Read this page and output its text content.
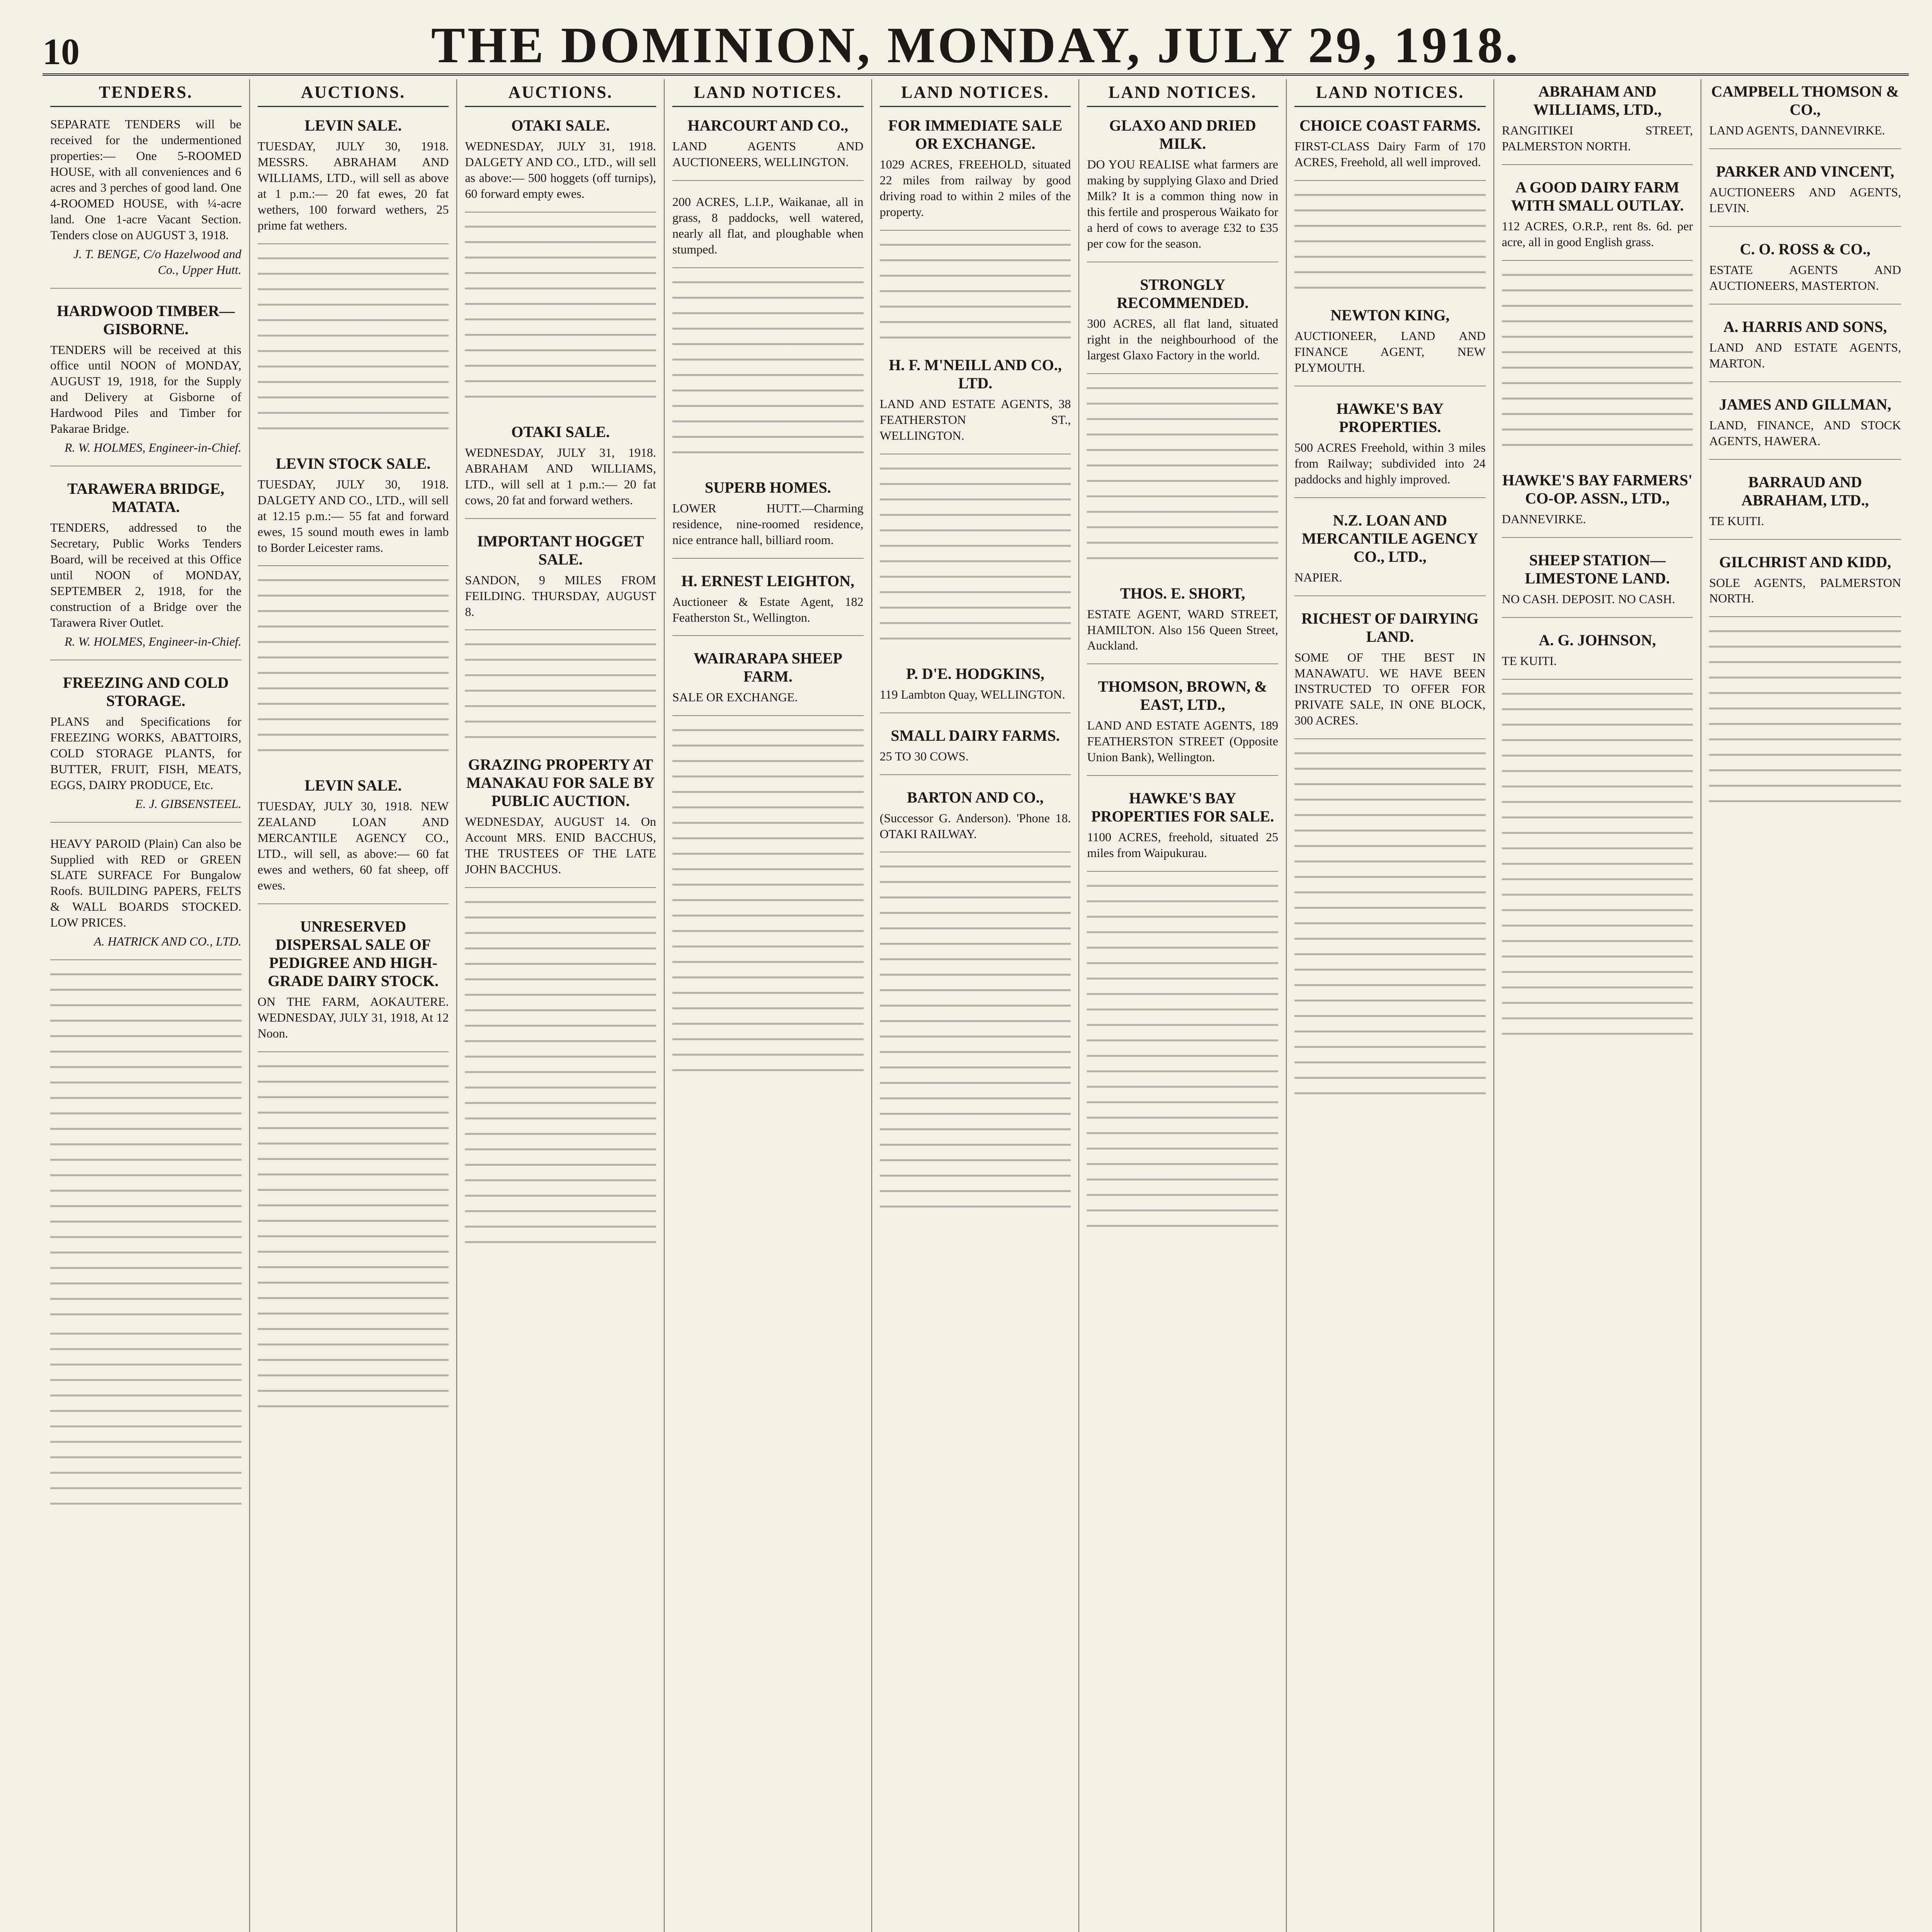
10	THE DOMINION, MONDAY, JULY 29, 1918.
TENDERS.

SEPARATE TENDERS will be received for the undermentioned properties:— One 5-ROOMED HOUSE, with all conveniences and 6 acres and 3 perches of good land. One 4-ROOMED HOUSE, with ¼-acre land. One 1-acre Vacant Section. Tenders close on AUGUST 3, 1918.

J. T. BENGE, C/o Hazelwood and Co., Upper Hutt.

HARDWOOD TIMBER—GISBORNE.

TENDERS will be received at this office until NOON of MONDAY, AUGUST 19, 1918, for the Supply and Delivery at Gisborne of Hardwood Piles and Timber for Pakarae Bridge.

R. W. HOLMES, Engineer-in-Chief.

TARAWERA BRIDGE, MATATA.

TENDERS, addressed to the Secretary, Public Works Tenders Board, will be received at this Office until NOON of MONDAY, SEPTEMBER 2, 1918, for the construction of a Bridge over the Tarawera River Outlet.

R. W. HOLMES, Engineer-in-Chief.

FREEZING AND COLD STORAGE.

PLANS and Specifications for FREEZING WORKS, ABATTOIRS, COLD STORAGE PLANTS, for BUTTER, FRUIT, FISH, MEATS, EGGS, DAIRY PRODUCE, Etc.

E. J. GIBSENSTEEL.

HEAVY PAROID (Plain) Can also be Supplied with RED or GREEN SLATE SURFACE For Bungalow Roofs. BUILDING PAPERS, FELTS & WALL BOARDS STOCKED. LOW PRICES.

A. HATRICK AND CO., LTD.

AUCTIONS.
LEVIN SALE.

TUESDAY, JULY 30, 1918. MESSRS. ABRAHAM AND WILLIAMS, LTD., will sell as above at 1 p.m.:— 20 fat ewes, 20 fat wethers, 100 forward wethers, 25 prime fat wethers.

LEVIN STOCK SALE.

TUESDAY, JULY 30, 1918. DALGETY AND CO., LTD., will sell at 12.15 p.m.:— 55 fat and forward ewes, 15 sound mouth ewes in lamb to Border Leicester rams.

LEVIN SALE.

TUESDAY, JULY 30, 1918. NEW ZEALAND LOAN AND MERCANTILE AGENCY CO., LTD., will sell, as above:— 60 fat ewes and wethers, 60 fat sheep, off ewes.

UNRESERVED DISPERSAL SALE OF PEDIGREE AND HIGH-GRADE DAIRY STOCK.

ON THE FARM, AOKAUTERE. WEDNESDAY, JULY 31, 1918, At 12 Noon.

AUCTIONS.
OTAKI SALE.

WEDNESDAY, JULY 31, 1918. DALGETY AND CO., LTD., will sell as above:— 500 hoggets (off turnips), 60 forward empty ewes.

OTAKI SALE.

WEDNESDAY, JULY 31, 1918. ABRAHAM AND WILLIAMS, LTD., will sell at 1 p.m.:— 20 fat cows, 20 fat and forward wethers.

IMPORTANT HOGGET SALE.

SANDON, 9 MILES FROM FEILDING. THURSDAY, AUGUST 8.

GRAZING PROPERTY AT MANAKAU FOR SALE BY PUBLIC AUCTION.

WEDNESDAY, AUGUST 14. On Account MRS. ENID BACCHUS, THE TRUSTEES OF THE LATE JOHN BACCHUS.

LAND NOTICES.
HARCOURT AND CO.,

LAND AGENTS AND AUCTIONEERS, WELLINGTON.

200 ACRES, L.I.P., Waikanae, all in grass, 8 paddocks, well watered, nearly all flat, and ploughable when stumped.

SUPERB HOMES.

LOWER HUTT.—Charming residence, nine-roomed residence, nice entrance hall, billiard room.

H. ERNEST LEIGHTON,

Auctioneer & Estate Agent, 182 Featherston St., Wellington.

WAIRARAPA SHEEP FARM.

SALE OR EXCHANGE.

LAND NOTICES.
FOR IMMEDIATE SALE OR EXCHANGE.

1029 ACRES, FREEHOLD, situated 22 miles from railway by good driving road to within 2 miles of the property.

H. F. M'NEILL AND CO., LTD.

LAND AND ESTATE AGENTS, 38 FEATHERSTON ST., WELLINGTON.

P. D'E. HODGKINS,

119 Lambton Quay, WELLINGTON.

SMALL DAIRY FARMS.

25 TO 30 COWS.

BARTON AND CO.,

(Successor G. Anderson). 'Phone 18. OTAKI RAILWAY.

LAND NOTICES.
GLAXO AND DRIED MILK.

DO YOU REALISE what farmers are making by supplying Glaxo and Dried Milk? It is a common thing now in this fertile and prosperous Waikato for a herd of cows to average £32 to £35 per cow for the season.

STRONGLY RECOMMENDED.

300 ACRES, all flat land, situated right in the neighbourhood of the largest Glaxo Factory in the world.

THOS. E. SHORT,

ESTATE AGENT, WARD STREET, HAMILTON. Also 156 Queen Street, Auckland.

THOMSON, BROWN, & EAST, LTD.,

LAND AND ESTATE AGENTS, 189 FEATHERSTON STREET (Opposite Union Bank), Wellington.

HAWKE'S BAY PROPERTIES FOR SALE.

1100 ACRES, freehold, situated 25 miles from Waipukurau.

LAND NOTICES.
CHOICE COAST FARMS.

FIRST-CLASS Dairy Farm of 170 ACRES, Freehold, all well improved.

NEWTON KING,

AUCTIONEER, LAND AND FINANCE AGENT, NEW PLYMOUTH.

HAWKE'S BAY PROPERTIES.

500 ACRES Freehold, within 3 miles from Railway; subdivided into 24 paddocks and highly improved.

N.Z. LOAN AND MERCANTILE AGENCY CO., LTD.,

NAPIER.

RICHEST OF DAIRYING LAND.

SOME OF THE BEST IN MANAWATU. WE HAVE BEEN INSTRUCTED TO OFFER FOR PRIVATE SALE, IN ONE BLOCK, 300 ACRES.

ABRAHAM AND WILLIAMS, LTD.,

RANGITIKEI STREET, PALMERSTON NORTH.

A GOOD DAIRY FARM WITH SMALL OUTLAY.

112 ACRES, O.R.P., rent 8s. 6d. per acre, all in good English grass.

HAWKE'S BAY FARMERS' CO-OP. ASSN., LTD.,

DANNEVIRKE.

SHEEP STATION—LIMESTONE LAND.

NO CASH. DEPOSIT. NO CASH.

A. G. JOHNSON,

TE KUITI.

CAMPBELL THOMSON & CO.,

LAND AGENTS, DANNEVIRKE.

PARKER AND VINCENT,

AUCTIONEERS AND AGENTS, LEVIN.

C. O. ROSS & CO.,

ESTATE AGENTS AND AUCTIONEERS, MASTERTON.

A. HARRIS AND SONS,

LAND AND ESTATE AGENTS, MARTON.

JAMES AND GILLMAN,

LAND, FINANCE, AND STOCK AGENTS, HAWERA.

BARRAUD AND ABRAHAM, LTD.,

TE KUITI.

GILCHRIST AND KIDD,

SOLE AGENTS, PALMERSTON NORTH.
